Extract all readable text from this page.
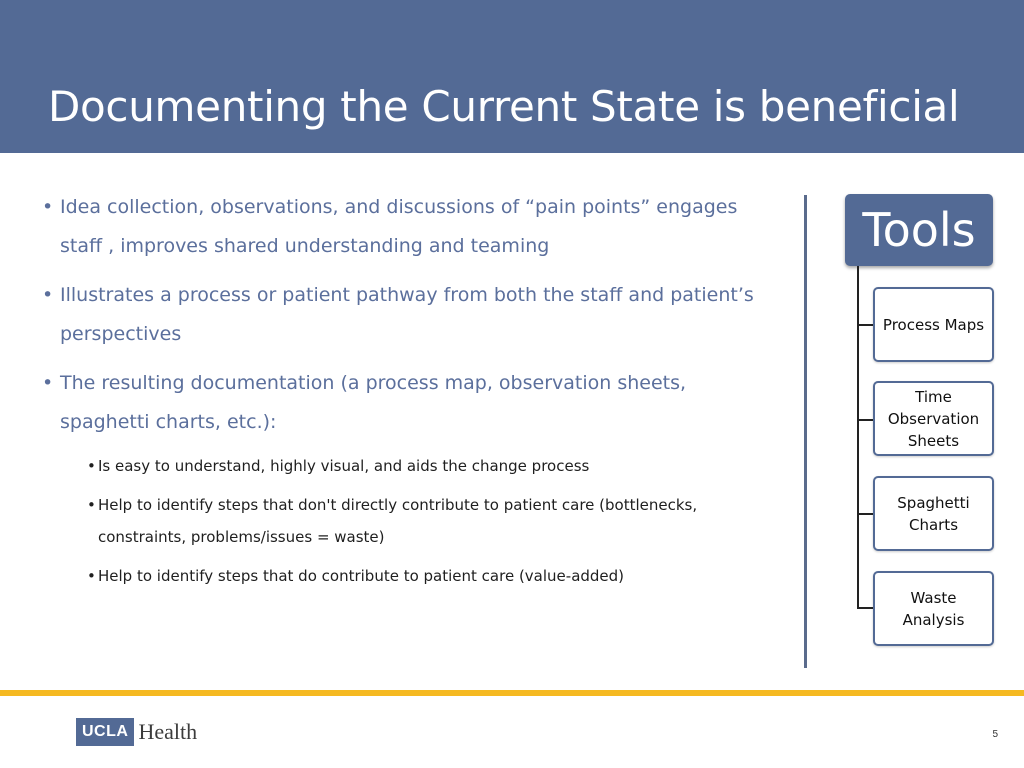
Documenting the Current State is beneficial
• Idea collection, observations, and discussions of “pain points” engages staff , improves shared understanding and teaming
• Illustrates a process or patient pathway from both the staff and patient’s perspectives
• The resulting documentation (a process map, observation sheets, spaghetti charts, etc.):
• Is easy to understand, highly visual, and aids the change process
• Help to identify steps that don't directly contribute to patient care (bottlenecks, constraints, problems/issues = waste)
• Help to identify steps that do contribute to patient care (value-added)
Tools
Process Maps
Time Observation Sheets
Spaghetti Charts
Waste Analysis
UCLA Health	5
